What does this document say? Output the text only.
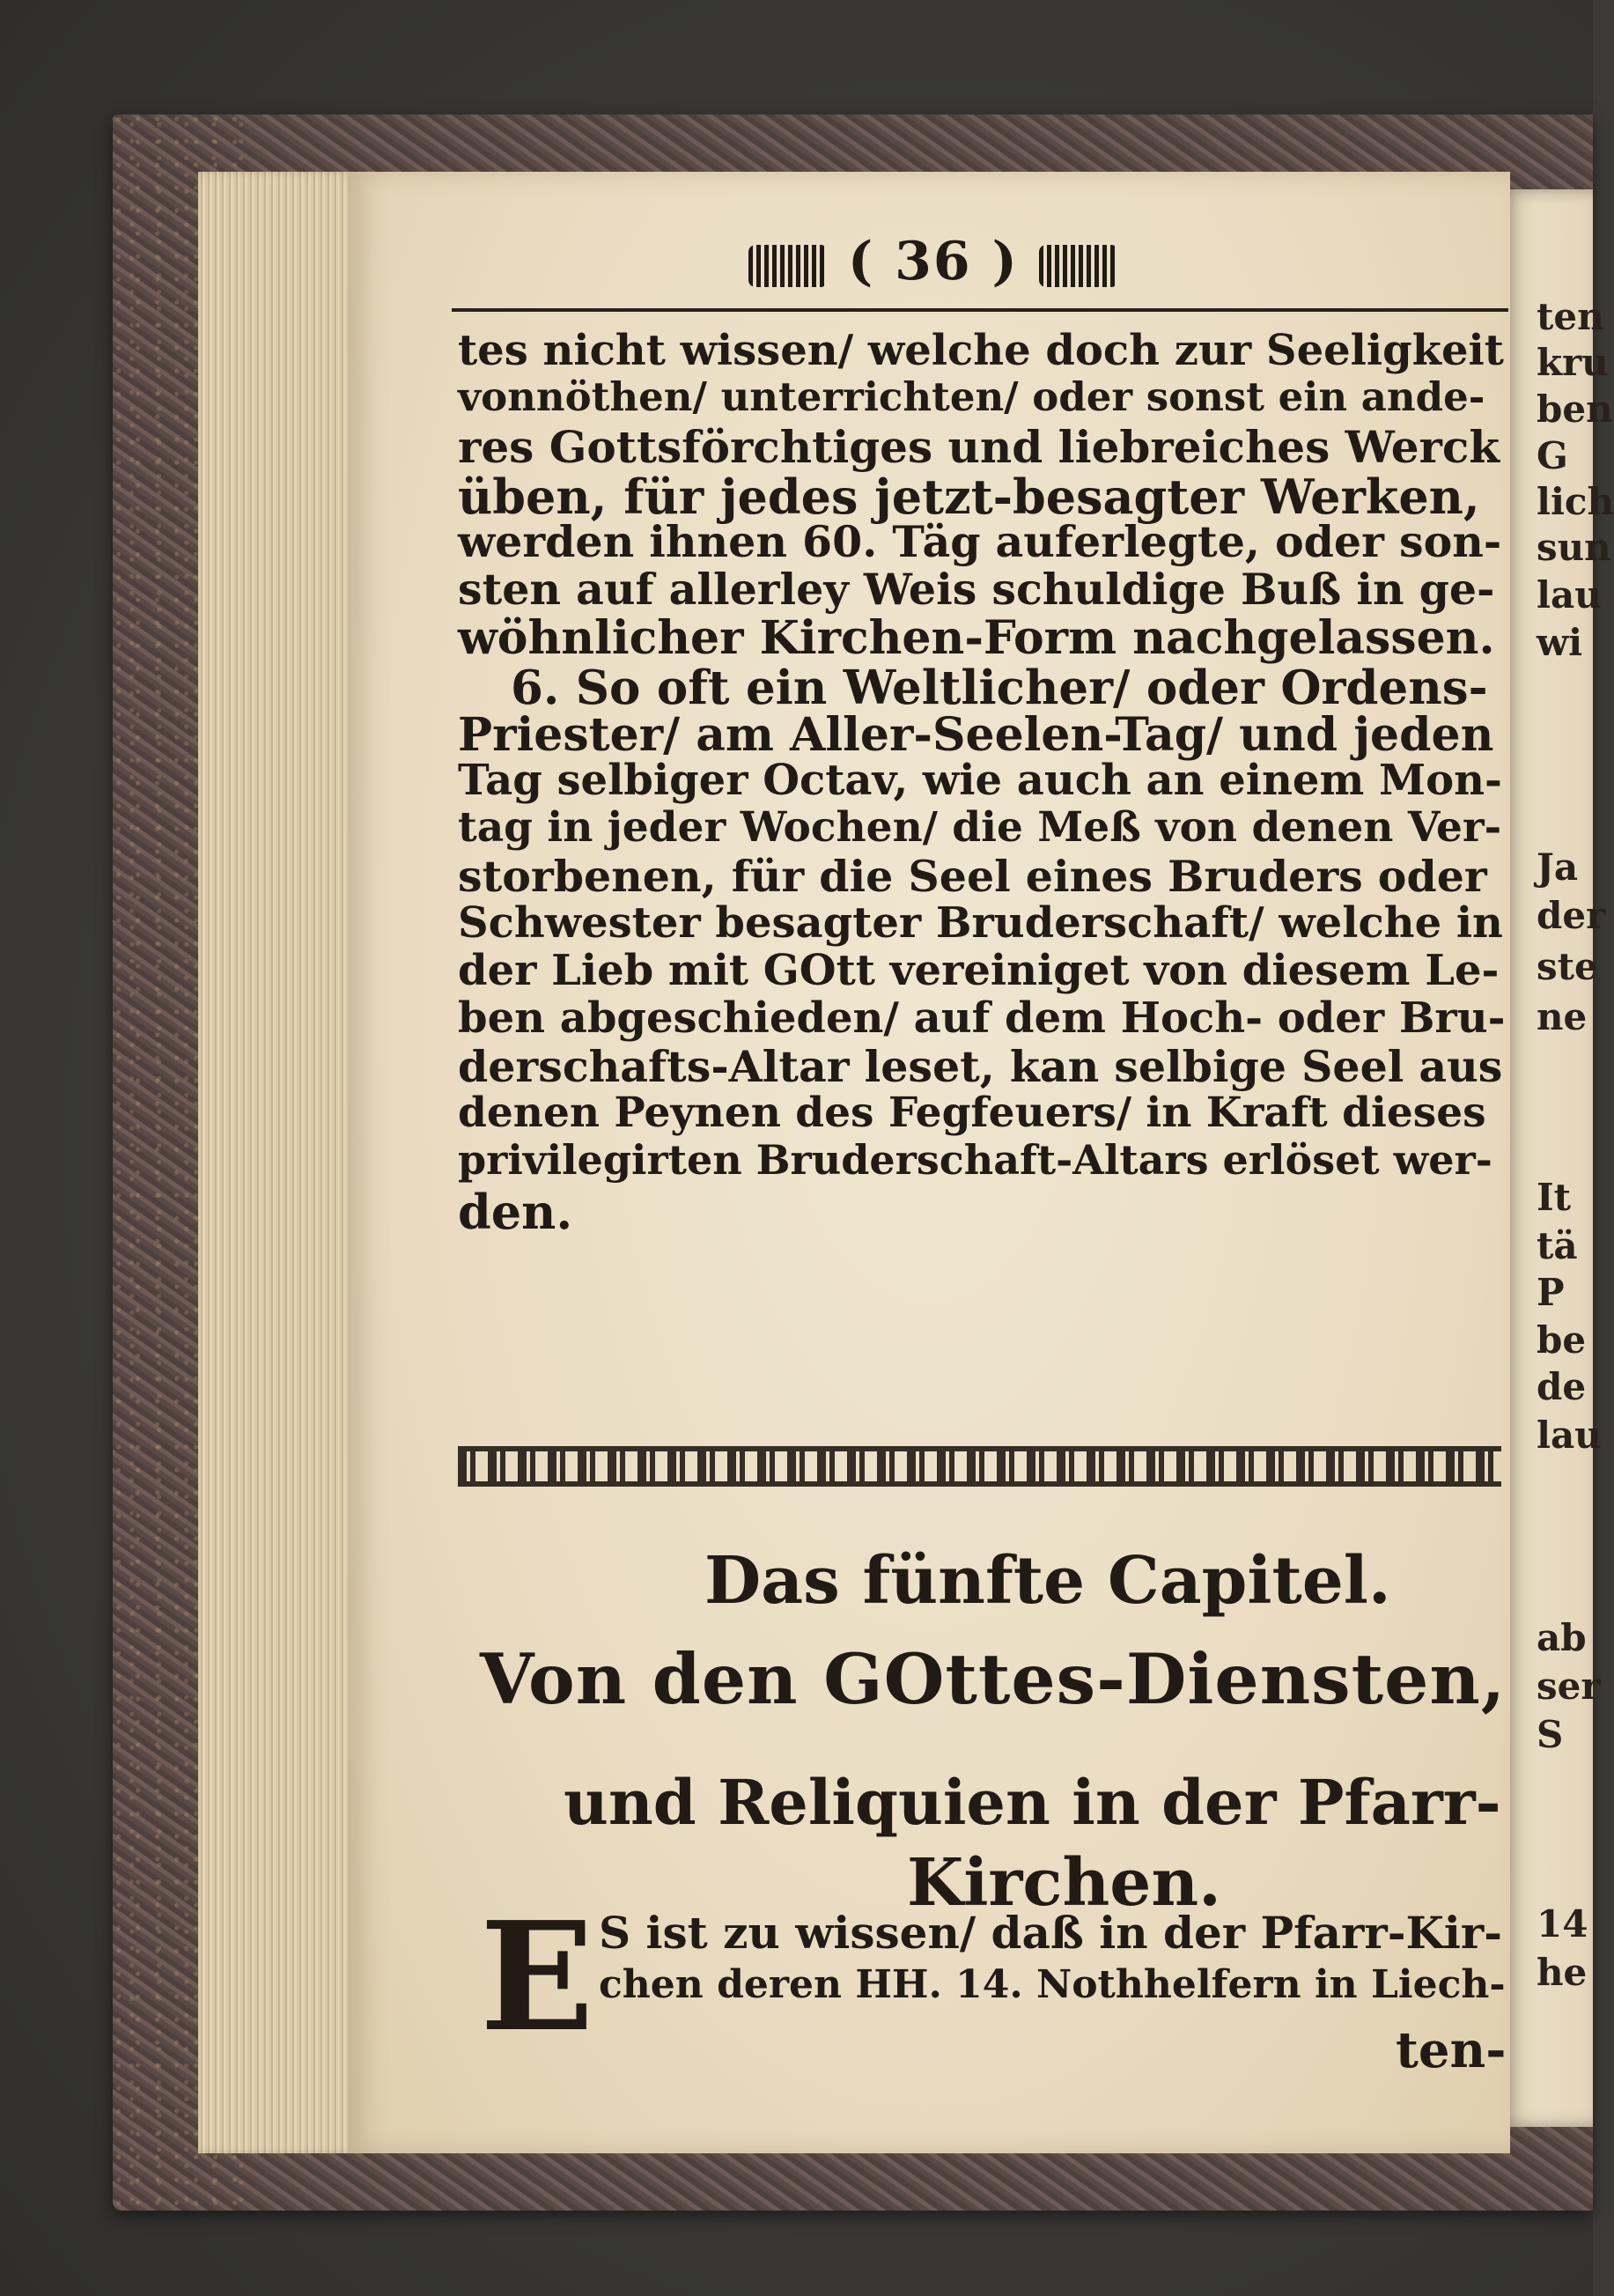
ten
kru
ben
G
lich
sun
lau
wi
Ja
der
ste
ne
It
tä
P
be
de
lau
ab
ser
S
14
he
( 36 )
tes nicht wissen/ welche doch zur Seeligkeit
vonnöthen/ unterrichten/ oder sonst ein ande-
res Gottsförchtiges und liebreiches Werck
üben, für jedes jetzt-besagter Werken,
werden ihnen 60. Täg auferlegte, oder son-
sten auf allerley Weis schuldige Buß in ge-
wöhnlicher Kirchen-Form nachgelassen.
6. So oft ein Weltlicher/ oder Ordens-
Priester/ am Aller-Seelen-Tag/ und jeden
Tag selbiger Octav, wie auch an einem Mon-
tag in jeder Wochen/ die Meß von denen Ver-
storbenen, für die Seel eines Bruders oder
Schwester besagter Bruderschaft/ welche in
der Lieb mit GOtt vereiniget von diesem Le-
ben abgeschieden/ auf dem Hoch- oder Bru-
derschafts-Altar leset, kan selbige Seel aus
denen Peynen des Fegfeuers/ in Kraft dieses
privilegirten Bruderschaft-Altars erlöset wer-
den.
Das fünfte Capitel.
Von den GOttes-Diensten,
und Reliquien in der Pfarr-
Kirchen.
E S ist zu wissen/ daß in der Pfarr-Kir-
chen deren HH. 14. Nothhelfern in Liech-
ten-
